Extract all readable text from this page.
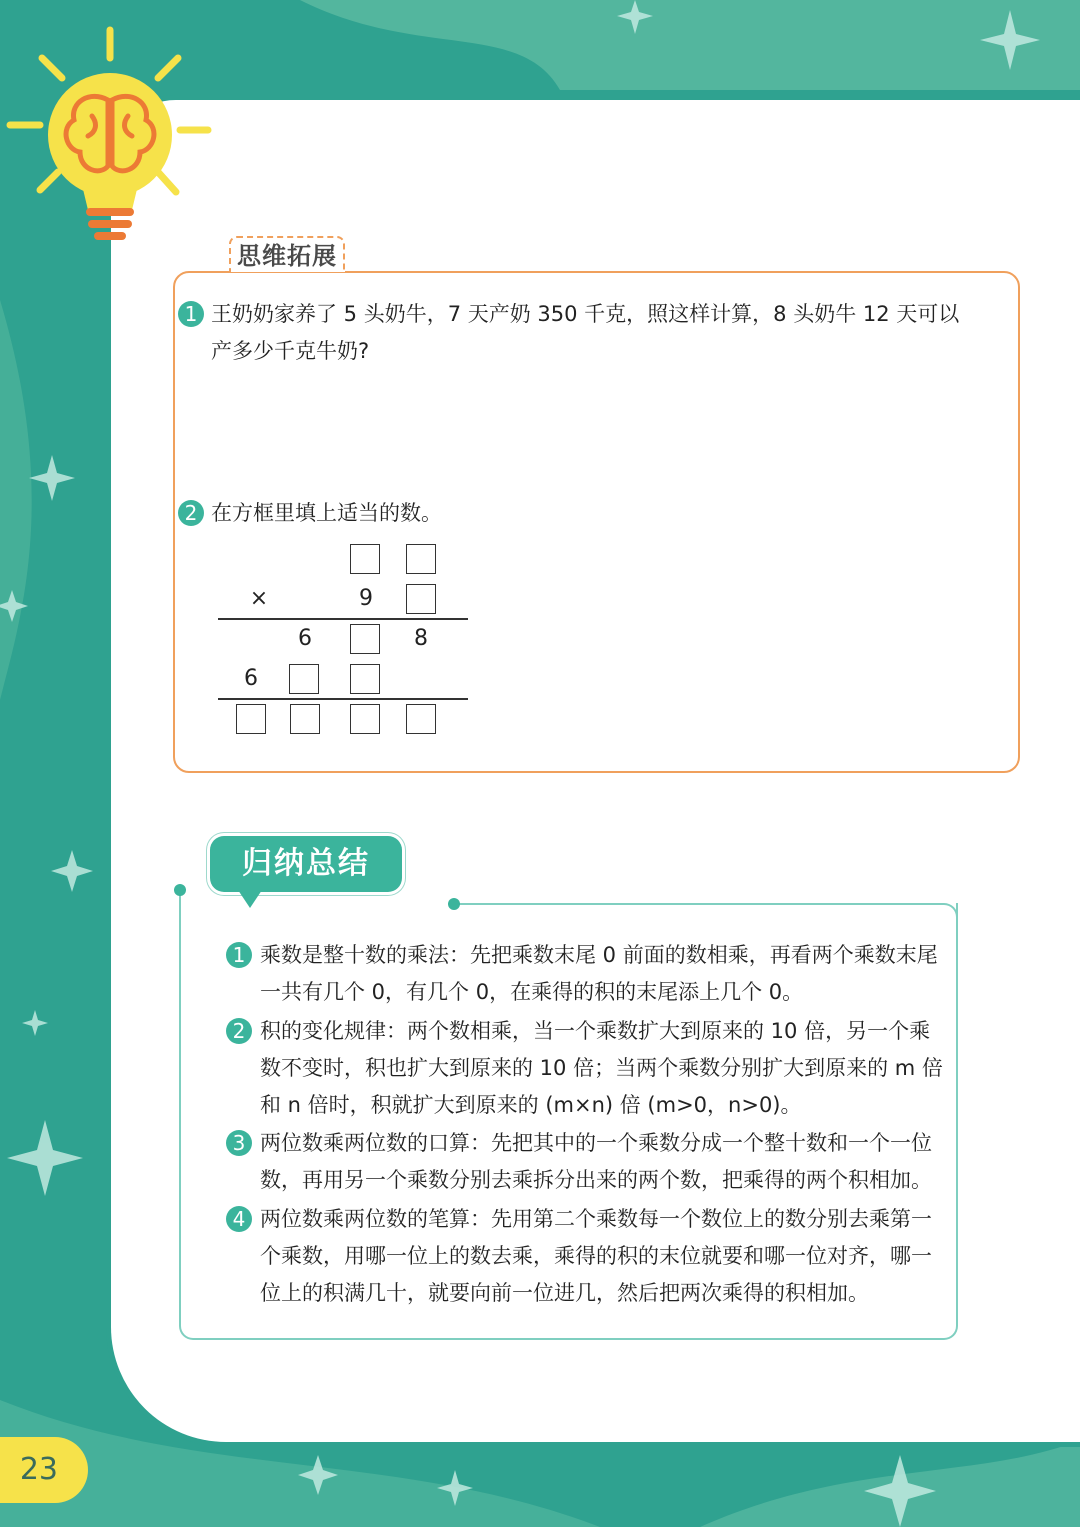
思维拓展
1 王奶奶家养了 5 头奶牛，7 天产奶 350 千克，照这样计算，8 头奶牛 12 天可以产多少千克牛奶?
2 在方框里填上适当的数。
×	9
6	8
6
归纳总结
1 乘数是整十数的乘法：先把乘数末尾 0 前面的数相乘，再看两个乘数末尾一共有几个 0，有几个 0，在乘得的积的末尾添上几个 0。
2 积的变化规律：两个数相乘，当一个乘数扩大到原来的 10 倍，另一个乘数不变时，积也扩大到原来的 10 倍；当两个乘数分别扩大到原来的 m 倍和 n 倍时，积就扩大到原来的 (m×n) 倍 (m>0，n>0)。
3 两位数乘两位数的口算：先把其中的一个乘数分成一个整十数和一个一位数，再用另一个乘数分别去乘拆分出来的两个数，把乘得的两个积相加。
4 两位数乘两位数的笔算：先用第二个乘数每一个数位上的数分别去乘第一个乘数，用哪一位上的数去乘，乘得的积的末位就要和哪一位对齐，哪一位上的积满几十，就要向前一位进几，然后把两次乘得的积相加。
23
